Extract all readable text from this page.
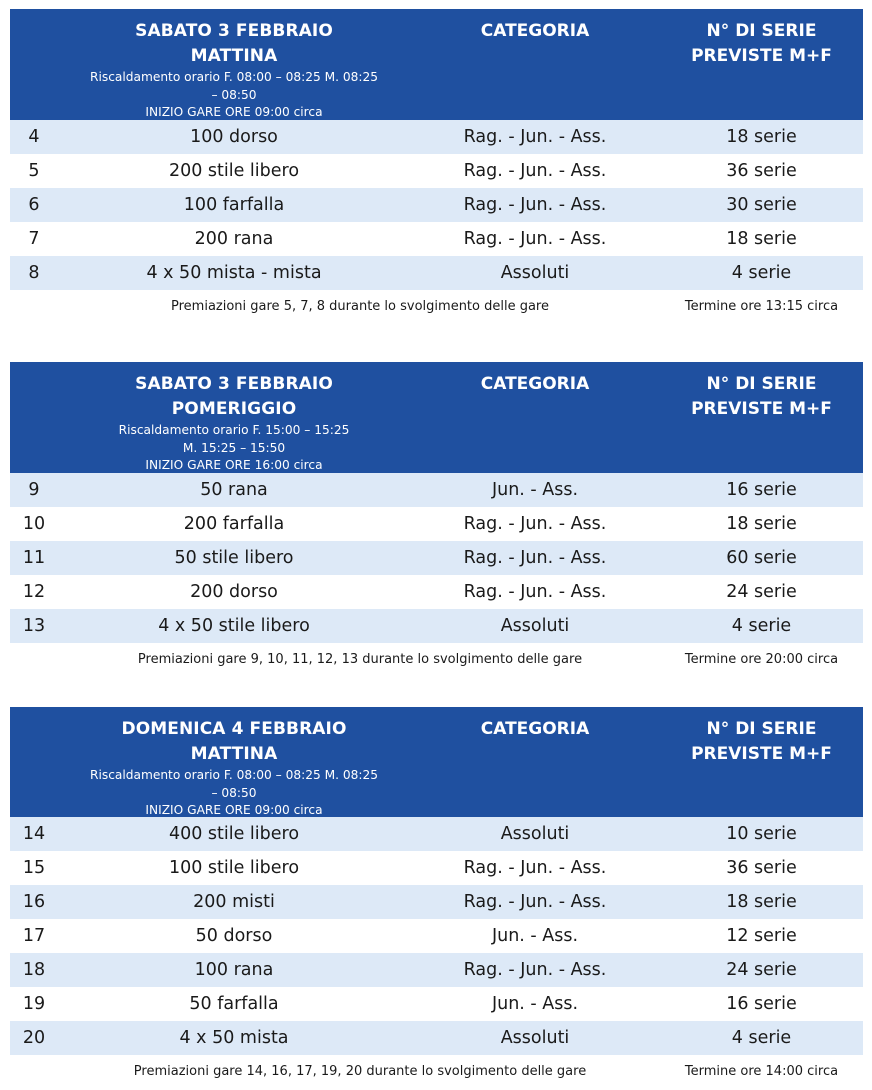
SABATO 3 FEBBRAIO
MATTINA
Riscaldamento orario F. 08:00 – 08:25 M. 08:25
– 08:50
INIZIO GARE ORE 09:00 circa
CATEGORIA	N° DI SERIE
PREVISTE M+F
4	100 dorso	Rag. - Jun. - Ass.	18 serie
5	200 stile libero	Rag. - Jun. - Ass.	36 serie
6	100 farfalla	Rag. - Jun. - Ass.	30 serie
7	200 rana	Rag. - Jun. - Ass.	18 serie
8	4 x 50 mista - mista	Assoluti	4 serie
Premiazioni gare 5, 7, 8 durante lo svolgimento delle gare	Termine ore 13:15 circa
SABATO 3 FEBBRAIO
POMERIGGIO
Riscaldamento orario F. 15:00 – 15:25
M. 15:25 – 15:50
INIZIO GARE ORE 16:00 circa
CATEGORIA	N° DI SERIE
PREVISTE M+F
9	50 rana	Jun. - Ass.	16 serie
10	200 farfalla	Rag. - Jun. - Ass.	18 serie
11	50 stile libero	Rag. - Jun. - Ass.	60 serie
12	200 dorso	Rag. - Jun. - Ass.	24 serie
13	4 x 50 stile libero	Assoluti	4 serie
Premiazioni gare 9, 10, 11, 12, 13 durante lo svolgimento delle gare	Termine ore 20:00 circa
DOMENICA 4 FEBBRAIO
MATTINA
Riscaldamento orario F. 08:00 – 08:25 M. 08:25
– 08:50
INIZIO GARE ORE 09:00 circa
CATEGORIA	N° DI SERIE
PREVISTE M+F
14	400 stile libero	Assoluti	10 serie
15	100 stile libero	Rag. - Jun. - Ass.	36 serie
16	200 misti	Rag. - Jun. - Ass.	18 serie
17	50 dorso	Jun. - Ass.	12 serie
18	100 rana	Rag. - Jun. - Ass.	24 serie
19	50 farfalla	Jun. - Ass.	16 serie
20	4 x 50 mista	Assoluti	4 serie
Premiazioni gare 14, 16, 17, 19, 20 durante lo svolgimento delle gare	Termine ore 14:00 circa
